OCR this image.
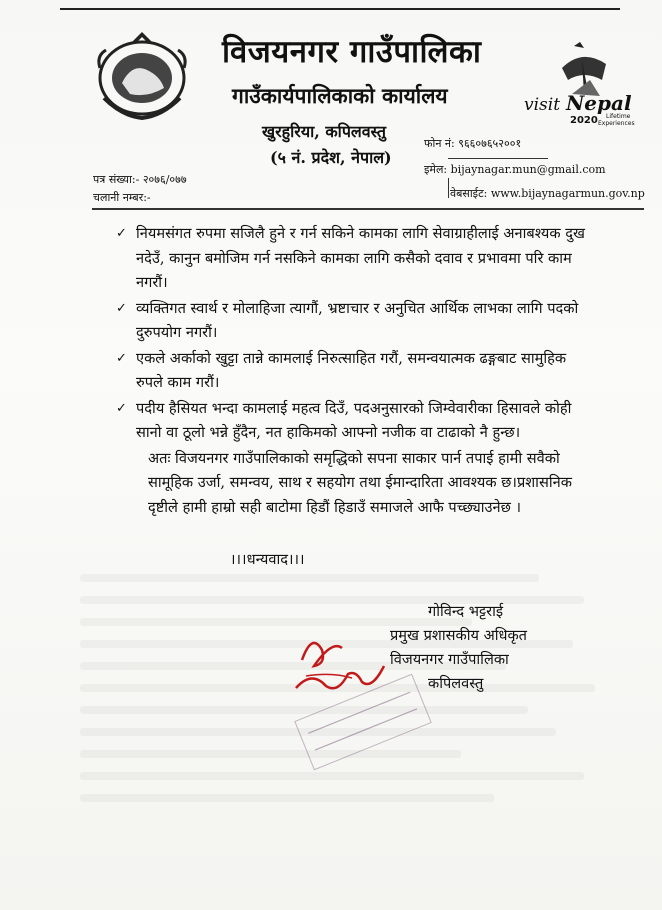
विजयनगर गाउँपालिका
गाउँकार्यपालिकाको कार्यालय
खुरहुरिया, कपिलवस्तु
(५ नं. प्रदेश, नेपाल)
visit Nepal
2020 Lifetime
Experiences
फोन नं: ९६६०७६५२००१
इमेल: bijaynagar.mun@gmail.com
वेबसाईट: www.bijaynagarmun.gov.np
पत्र संख्या:- २०७६/०७७
चलानी नम्बर:-
✓ नियमसंगत रुपमा सजिलै हुने र गर्न सकिने कामका लागि सेवाग्राहीलाई अनाबश्यक दुख
नदेउँ, कानुन बमोजिम गर्न नसकिने कामका लागि कसैको दवाव र प्रभावमा परि काम
नगरौं।
✓ व्यक्तिगत स्वार्थ र मोलाहिजा त्यागौं, भ्रष्टाचार र अनुचित आर्थिक लाभका लागि पदको
दुरुपयोग नगरौं।
✓ एकले अर्काको खुट्टा तान्ने कामलाई निरुत्साहित गरौं, समन्वयात्मक ढङ्गबाट सामुहिक
रुपले काम गरौं।
✓ पदीय हैसियत भन्दा कामलाई महत्व दिउँ, पदअनुसारको जिम्वेवारीका हिसावले कोही
सानो वा ठूलो भन्ने हुँदैन, नत हाकिमको आफ्नो नजीक वा टाढाको नै हुन्छ।
अतः विजयनगर गाउँपालिकाको समृद्धिको सपना साकार पार्न तपाई हामी सवैको
सामूहिक उर्जा, समन्वय, साथ र सहयोग तथा ईमान्दारिता आवश्यक छ।प्रशासनिक
दृष्टीले हामी हाम्रो सही बाटोमा हिडौं हिडाउँ समाजले आफै पच्छ्याउनेछ ।
।।।धन्यवाद।।।
गोविन्द भट्टराई
प्रमुख प्रशासकीय अधिकृत
विजयनगर गाउँपालिका
कपिलवस्तु
